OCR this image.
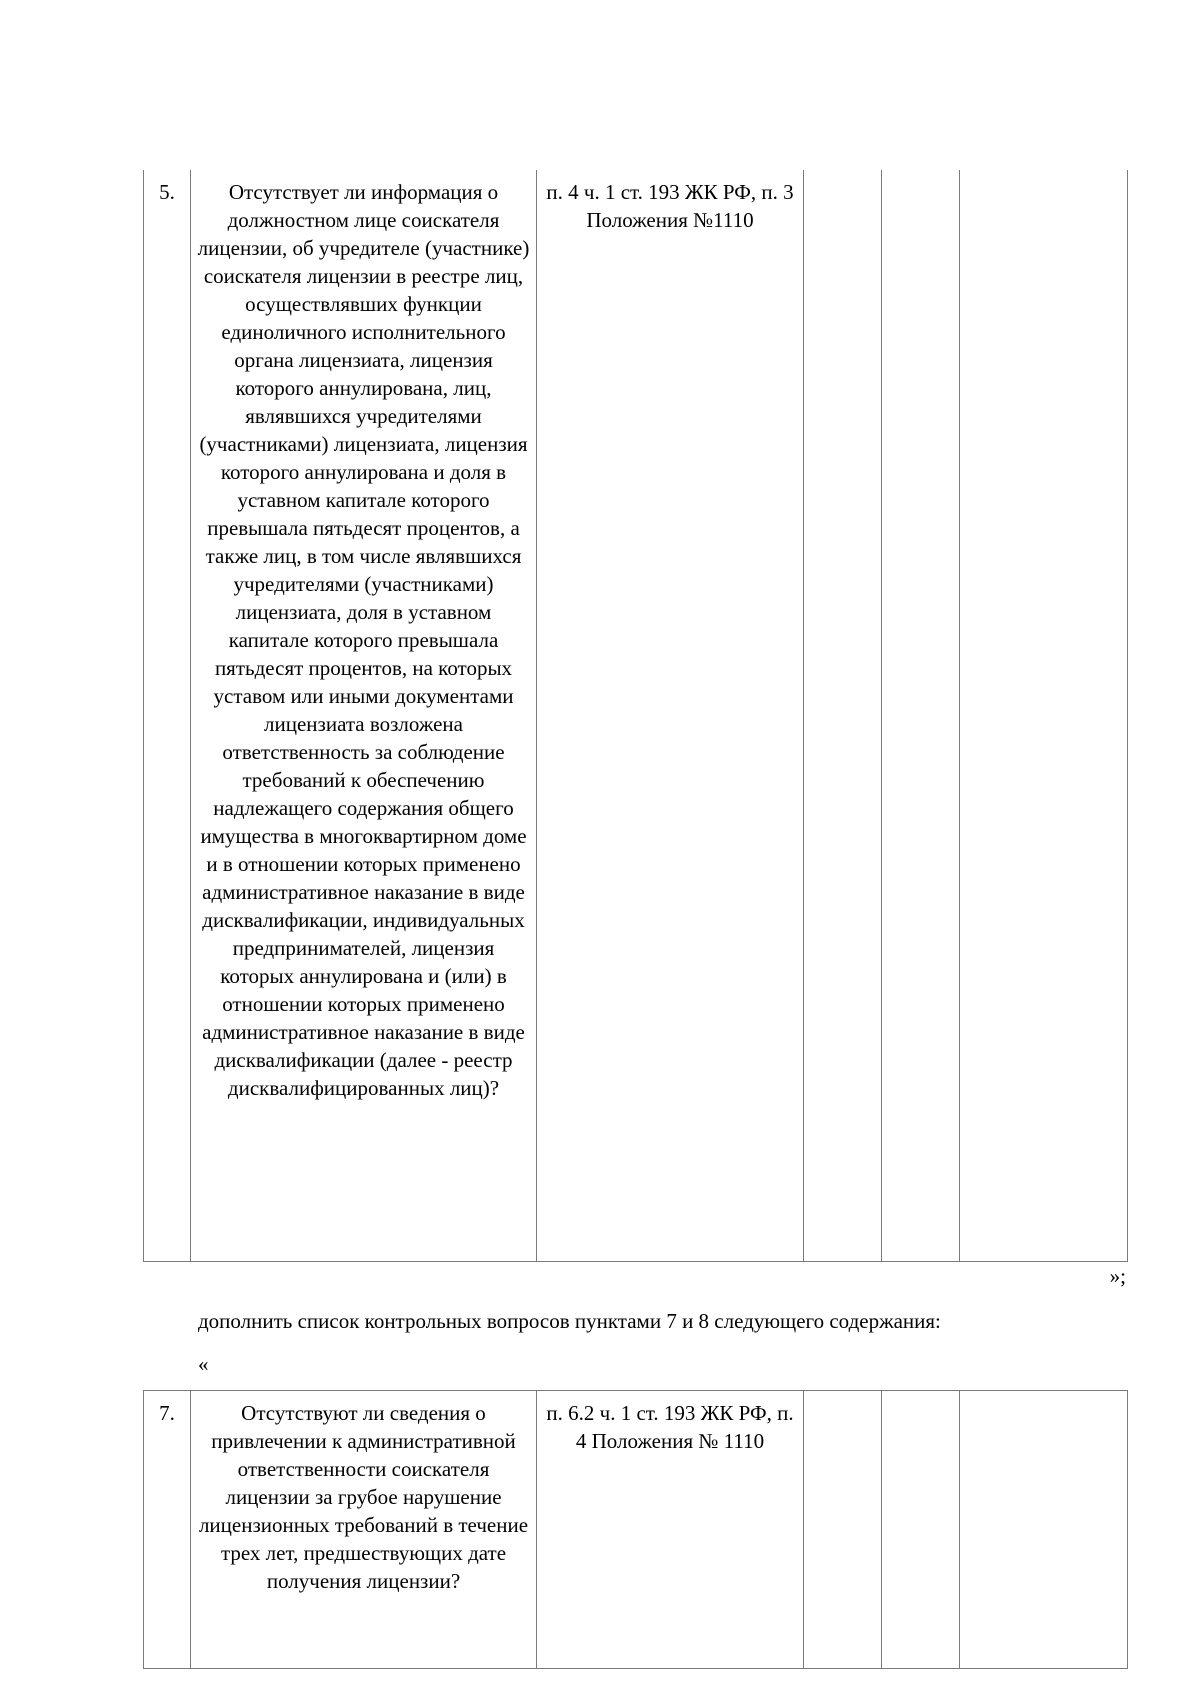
5.	Отсутствует ли информация о должностном лице соискателя лицензии, об учредителе (участнике) соискателя лицензии в реестре лиц, осуществлявших функции единоличного исполнительного органа лицензиата, лицензия которого аннулирована, лиц, являвшихся учредителями (участниками) лицензиата, лицензия которого аннулирована и доля в уставном капитале которого превышала пятьдесят процентов, а также лиц, в том числе являвшихся учредителями (участниками) лицензиата, доля в уставном капитале которого превышала пятьдесят процентов, на которых уставом или иными документами лицензиата возложена ответственность за соблюдение требований к обеспечению надлежащего содержания общего имущества в многоквартирном доме и в отношении которых применено административное наказание в виде дисквалификации, индивидуальных предпринимателей, лицензия которых аннулирована и (или) в отношении которых применено административное наказание в виде дисквалификации (далее - реестр дисквалифицированных лиц)?	п. 4 ч. 1 ст. 193 ЖК РФ, п. 3 Положения №1110			
»;
дополнить список контрольных вопросов пунктами 7 и 8 следующего содержания:
«
7.	Отсутствуют ли сведения о привлечении к административной ответственности соискателя лицензии за грубое нарушение лицензионных требований в течение трех лет, предшествующих дате получения лицензии?	п. 6.2 ч. 1 ст. 193 ЖК РФ, п. 4 Положения № 1110			
